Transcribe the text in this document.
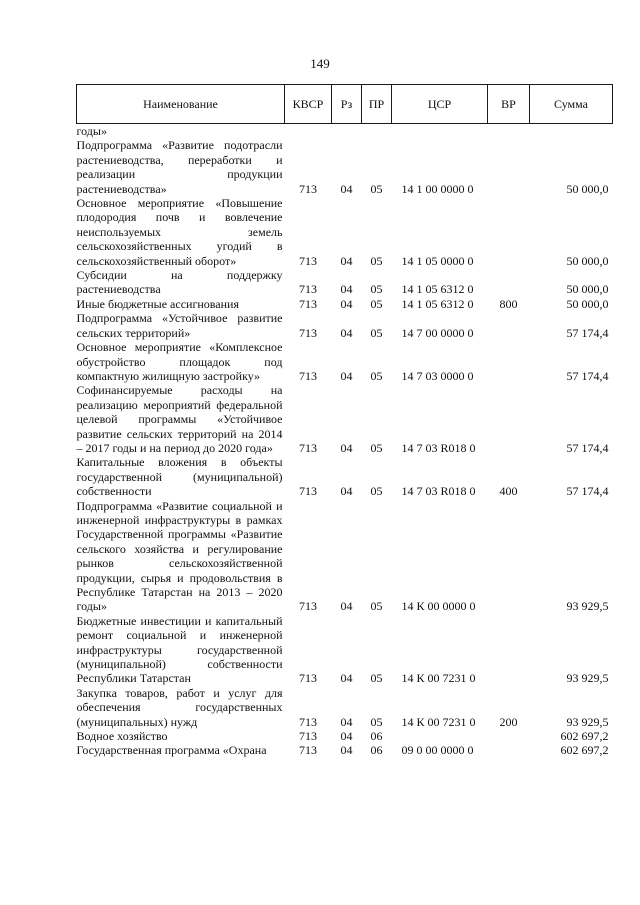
149
Наименование	КВСР	Рз	ПР	ЦСР	ВР	Сумма
годы»						
Подпрограмма «Развитие подотрасли растениеводства, переработки и реализации продукции растениеводства»	713	04	05	14 1 00 0000 0		50 000,0
Основное мероприятие «Повышение плодородия почв и вовлечение неиспользуемых земель сельскохозяйственных угодий в сельскохозяйственный оборот»	713	04	05	14 1 05 0000 0		50 000,0
Субсидии на поддержку растениеводства	713	04	05	14 1 05 6312 0		50 000,0
Иные бюджетные ассигнования	713	04	05	14 1 05 6312 0	800	50 000,0
Подпрограмма «Устойчивое развитие сельских территорий»	713	04	05	14 7 00 0000 0		57 174,4
Основное мероприятие «Комплексное обустройство площадок под компактную жилищную застройку»	713	04	05	14 7 03 0000 0		57 174,4
Софинансируемые расходы на реализацию мероприятий федеральной целевой программы «Устойчивое развитие сельских территорий на 2014 – 2017 годы и на период до 2020 года»	713	04	05	14 7 03 R018 0		57 174,4
Капитальные вложения в объекты государственной (муниципальной) собственности	713	04	05	14 7 03 R018 0	400	57 174,4
Подпрограмма «Развитие социальной и инженерной инфраструктуры в рамках Государственной программы «Развитие сельского хозяйства и регулирование рынков сельскохозяйственной продукции, сырья и продовольствия в Республике Татарстан на 2013 – 2020 годы»	713	04	05	14 К 00 0000 0		93 929,5
Бюджетные инвестиции и капитальный ремонт социальной и инженерной инфраструктуры государственной (муниципальной) собственности Республики Татарстан	713	04	05	14 К 00 7231 0		93 929,5
Закупка товаров, работ и услуг для обеспечения государственных (муниципальных) нужд	713	04	05	14 К 00 7231 0	200	93 929,5
Водное хозяйство	713	04	06			602 697,2
Государственная программа «Охрана	713	04	06	09 0 00 0000 0		602 697,2
